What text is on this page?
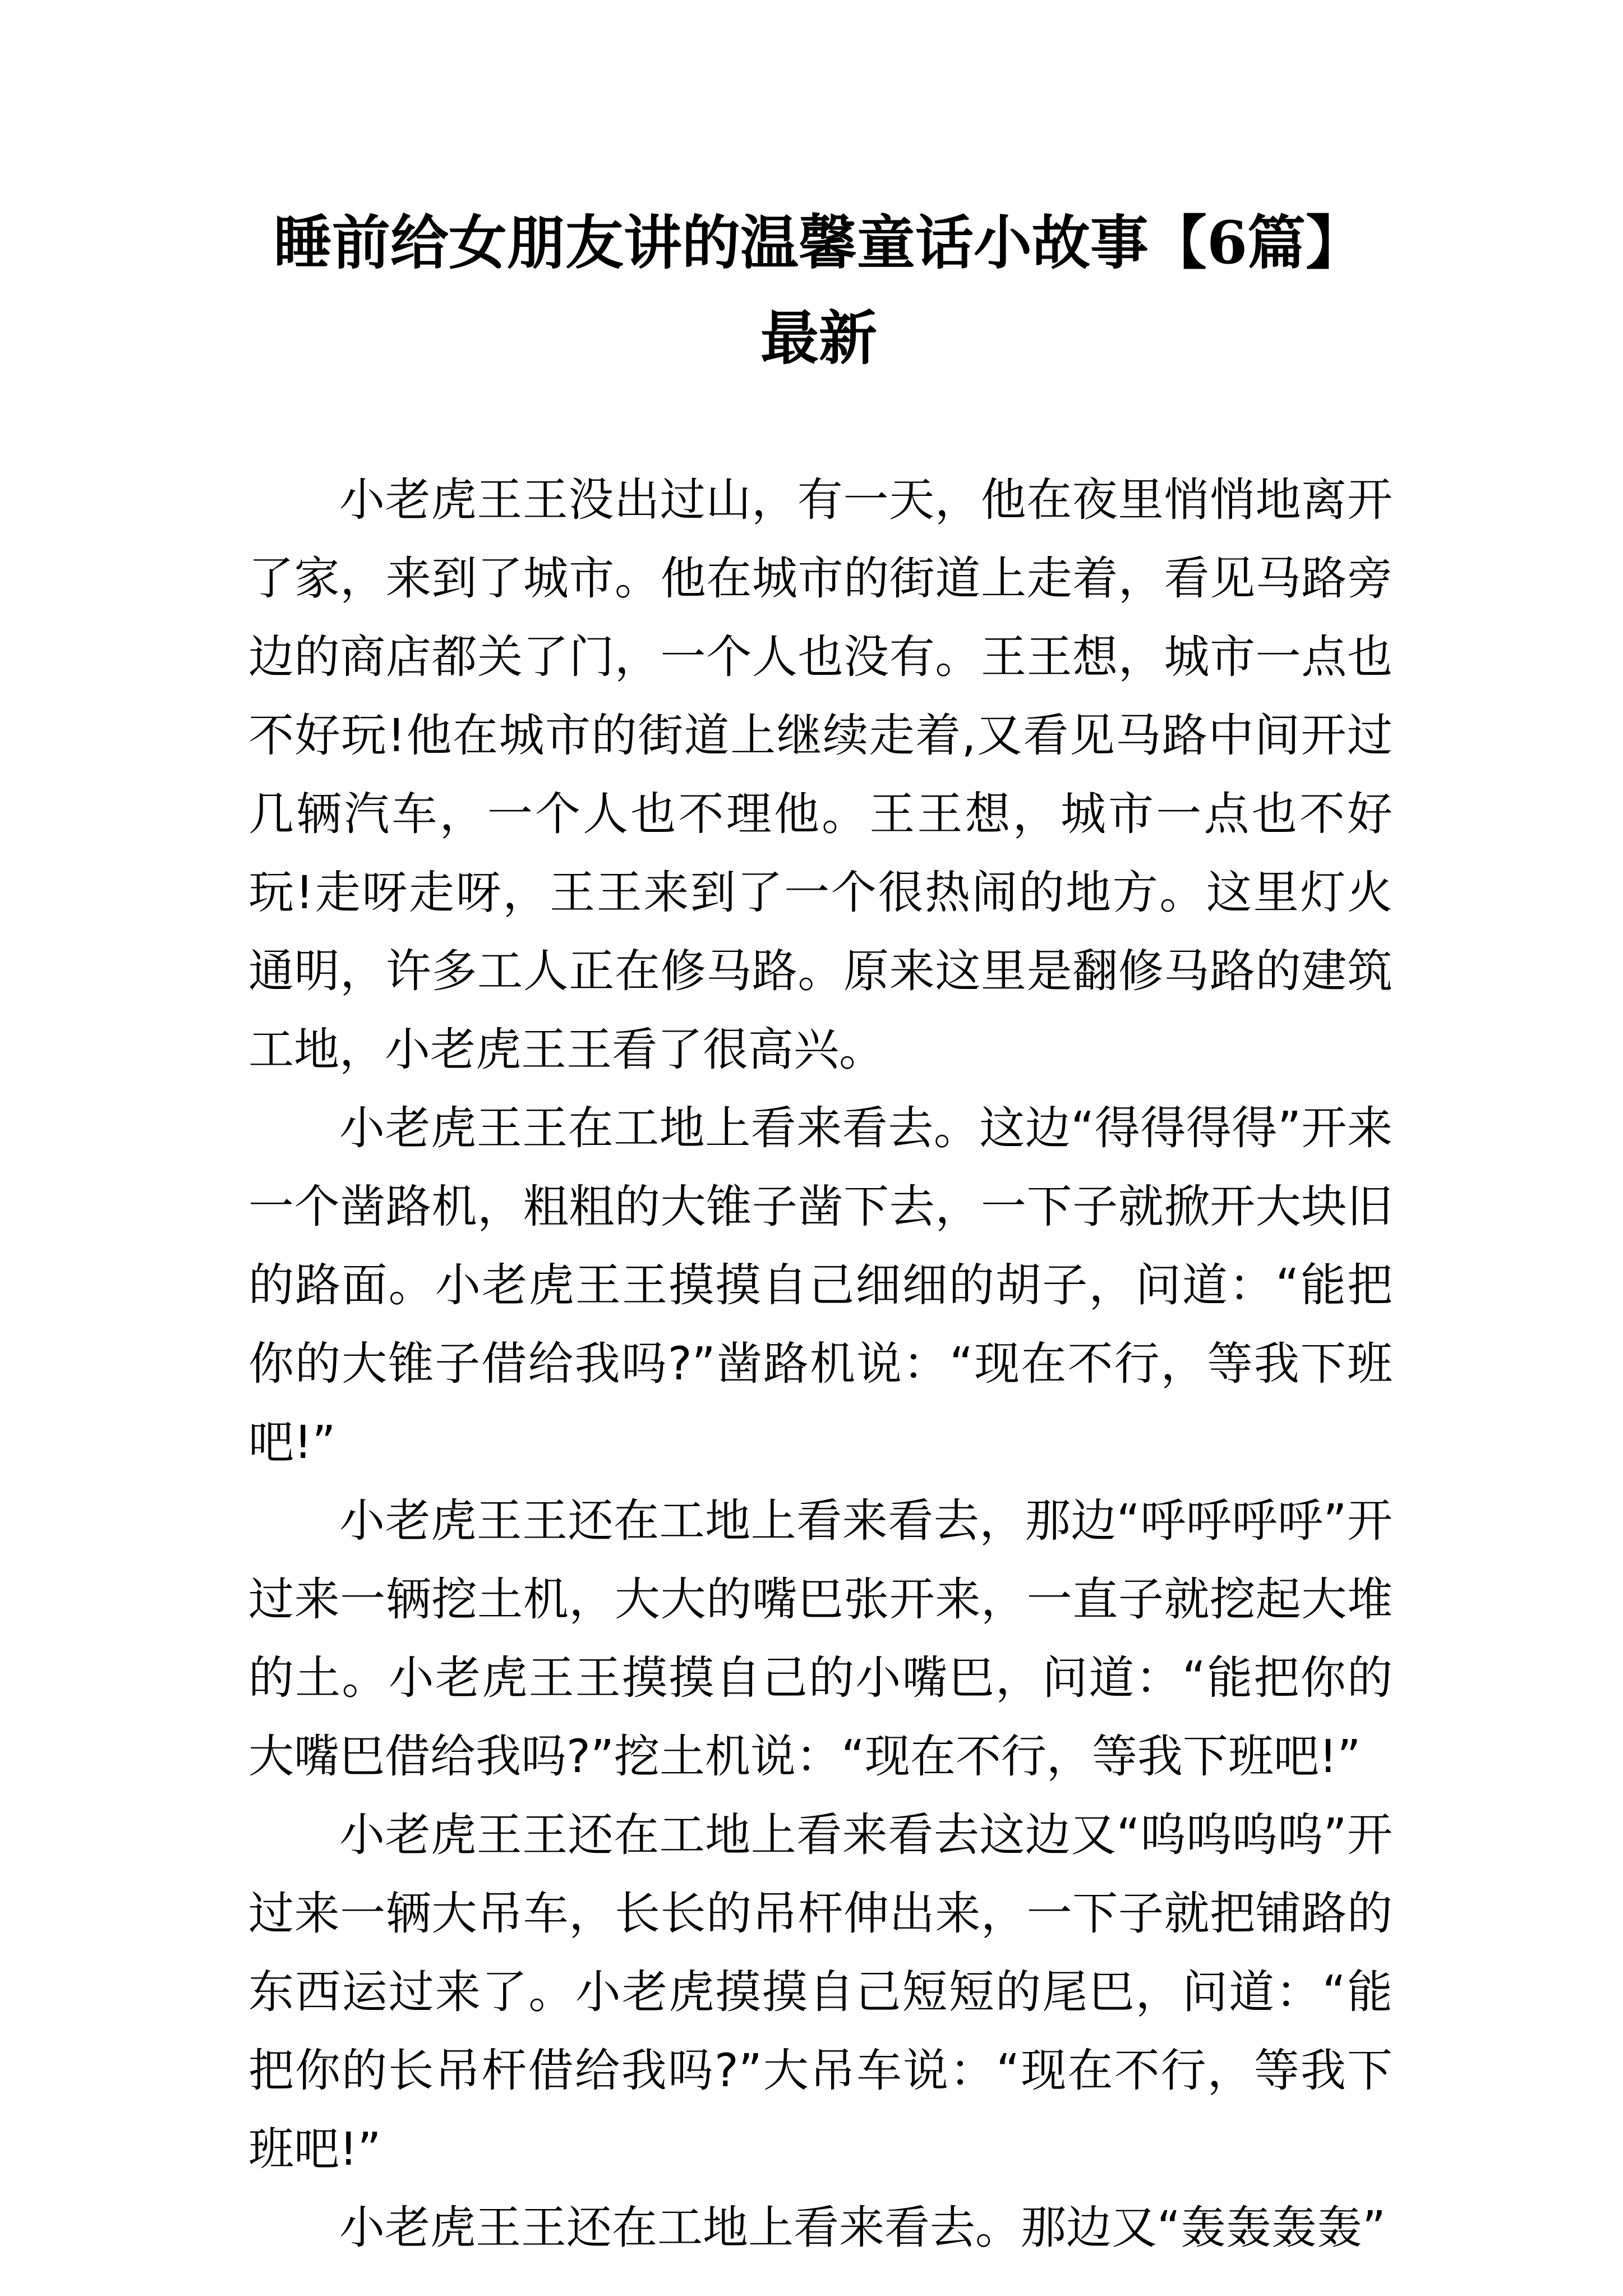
睡前给女朋友讲的温馨童话小故事【6篇】
最新

小老虎王王没出过山，有一天，他在夜里悄悄地离开了家，来到了城市。他在城市的街道上走着，看见马路旁边的商店都关了门，一个人也没有。王王想，城市一点也不好玩!他在城市的街道上继续走着,又看见马路中间开过几辆汽车，一个人也不理他。王王想，城市一点也不好玩!走呀走呀，王王来到了一个很热闹的地方。这里灯火通明，许多工人正在修马路。原来这里是翻修马路的建筑工地，小老虎王王看了很高兴。

小老虎王王在工地上看来看去。这边“得得得得”开来一个凿路机，粗粗的大锥子凿下去，一下子就掀开大块旧的路面。小老虎王王摸摸自己细细的胡子，问道：“能把你的大锥子借给我吗?”凿路机说：“现在不行，等我下班吧!”

小老虎王王还在工地上看来看去，那边“呼呼呼呼”开过来一辆挖土机，大大的嘴巴张开来，一直子就挖起大堆的土。小老虎王王摸摸自己的小嘴巴，问道：“能把你的大嘴巴借给我吗?”挖土机说：“现在不行，等我下班吧!”

小老虎王王还在工地上看来看去这边又“呜呜呜呜”开过来一辆大吊车，长长的吊杆伸出来，一下子就把铺路的东西运过来了。小老虎摸摸自己短短的尾巴，问道：“能把你的长吊杆借给我吗?”大吊车说：“现在不行，等我下班吧!”

小老虎王王还在工地上看来看去。那边又“轰轰轰轰”
